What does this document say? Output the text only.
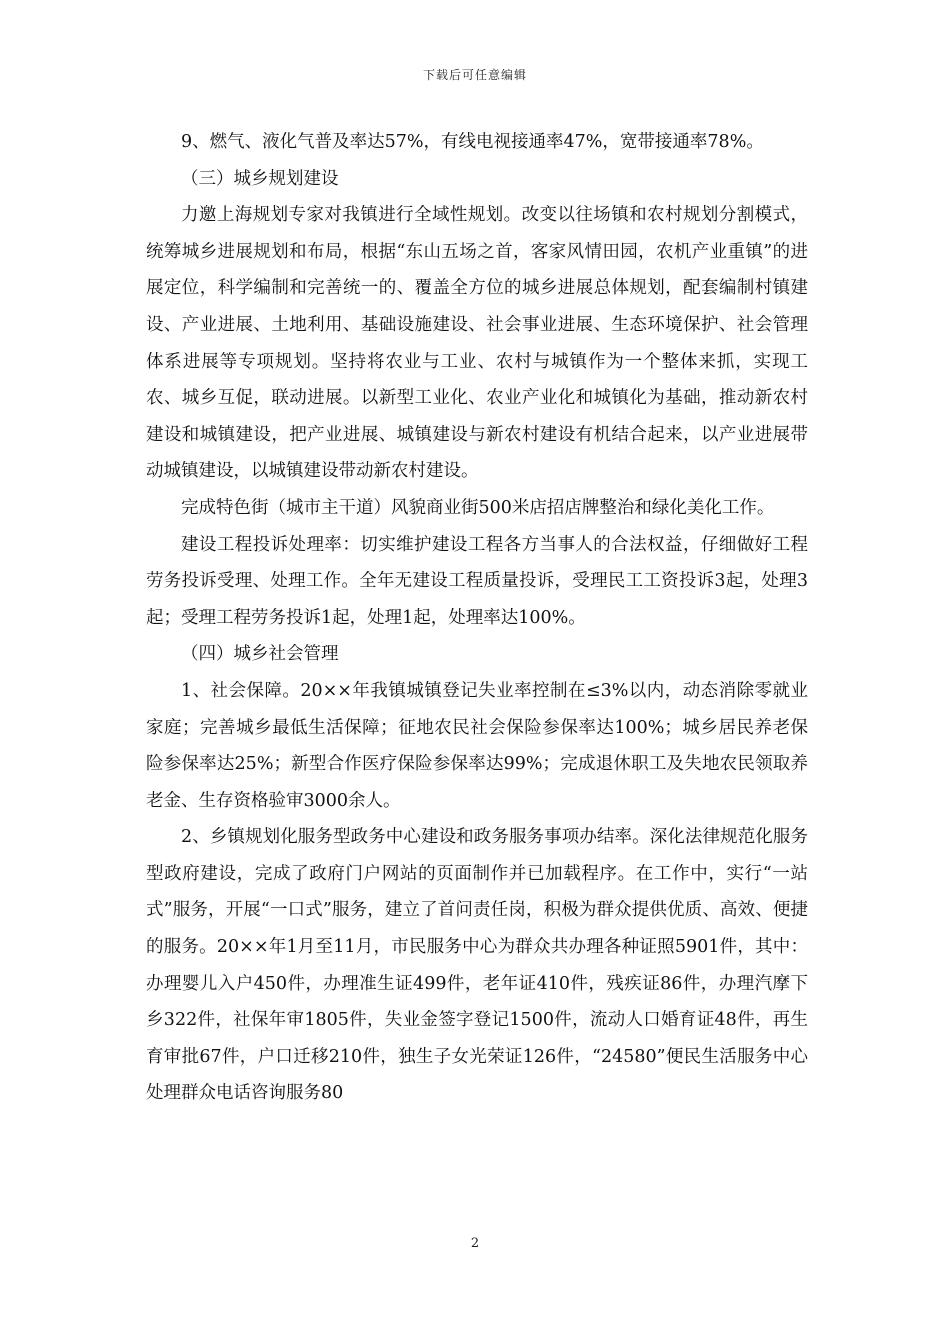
下载后可任意编辑

9、燃气、液化气普及率达57%，有线电视接通率47%，宽带接通率78%。

（三）城乡规划建设

力邀上海规划专家对我镇进行全域性规划。改变以往场镇和农村规划分割模式，统筹城乡进展规划和布局，根据“东山五场之首，客家风情田园，农机产业重镇”的进展定位，科学编制和完善统一的、覆盖全方位的城乡进展总体规划，配套编制村镇建设、产业进展、土地利用、基础设施建设、社会事业进展、生态环境保护、社会管理体系进展等专项规划。坚持将农业与工业、农村与城镇作为一个整体来抓，实现工农、城乡互促，联动进展。以新型工业化、农业产业化和城镇化为基础，推动新农村建设和城镇建设，把产业进展、城镇建设与新农村建设有机结合起来，以产业进展带动城镇建设，以城镇建设带动新农村建设。

完成特色街（城市主干道）风貌商业街500米店招店牌整治和绿化美化工作。

建设工程投诉处理率：切实维护建设工程各方当事人的合法权益，仔细做好工程劳务投诉受理、处理工作。全年无建设工程质量投诉，受理民工工资投诉3起，处理3起；受理工程劳务投诉1起，处理1起，处理率达100%。

（四）城乡社会管理

1、社会保障。20××年我镇城镇登记失业率控制在≤3%以内，动态消除零就业家庭；完善城乡最低生活保障；征地农民社会保险参保率达100%；城乡居民养老保险参保率达25%；新型合作医疗保险参保率达99%；完成退休职工及失地农民领取养老金、生存资格验审3000余人。

2、乡镇规划化服务型政务中心建设和政务服务事项办结率。深化法律规范化服务型政府建设，完成了政府门户网站的页面制作并已加载程序。在工作中，实行“一站式”服务，开展“一口式”服务，建立了首问责任岗，积极为群众提供优质、高效、便捷的服务。20××年1月至11月，市民服务中心为群众共办理各种证照5901件，其中：办理婴儿入户450件，办理准生证499件，老年证410件，残疾证86件，办理汽摩下乡322件，社保年审1805件，失业金签字登记1500件，流动人口婚育证48件，再生育审批67件，户口迁移210件，独生子女光荣证126件，“24580”便民生活服务中心处理群众电话咨询服务80

2
